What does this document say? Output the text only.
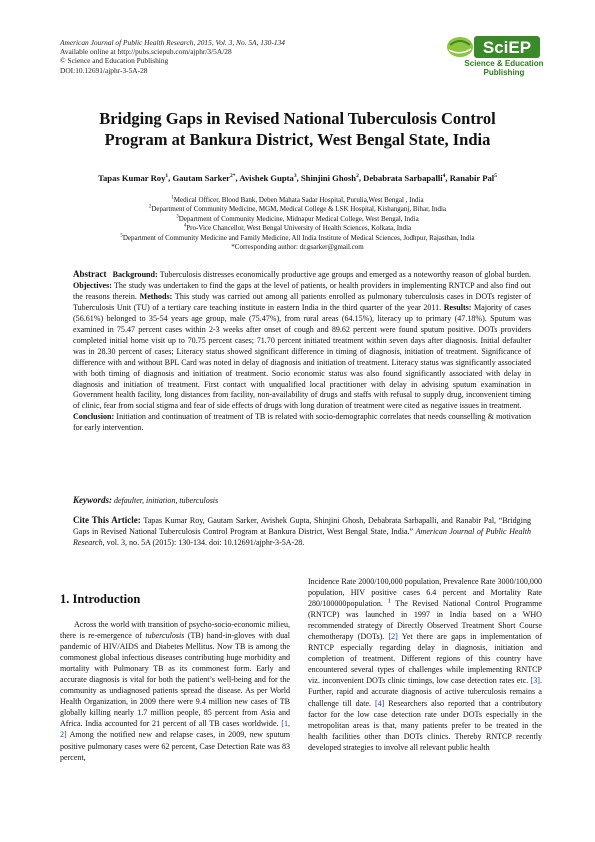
American Journal of Public Health Research, 2015, Vol. 3, No. 5A, 130-134
Available online at http://pubs.sciepub.com/ajphr/3/5A/28
© Science and Education Publishing
DOI:10.12691/ajphr-3-5A-28
SciEP
Science & Education
Publishing
Bridging Gaps in Revised National Tuberculosis Control
Program at Bankura District, West Bengal State, India
Tapas Kumar Roy$^1$, Gautam Sarker$^{2*}$, Avishek Gupta$^3$, Shinjini Ghosh$^2$, Debabrata Sarbapalli$^4$, Ranabir Pal$^5$
$^1$Medical Officer, Blood Bank, Deben Mahata Sadar Hospital, Purulia,West Bengal , India
$^2$Department of Community Medicine, MGM, Medical College & LSK Hospital, Kishanganj, Bihar, India
$^3$Department of Community Medicine, Midnapur Medical College, West Bengal, India
$^4$Pro-Vice Chancellor, West Bengal University of Health Sciences, Kolkata, India
$^5$Department of Community Medicine and Family Medicine, All India Institute of Medical Sciences, Jodhpur, Rajasthan, India
*Corresponding author: dr.gsarker@gmail.com
Abstract Background: Tuberculosis distresses economically productive age groups and emerged as a noteworthy reason of global burden. Objectives: The study was undertaken to find the gaps at the level of patients, or health providers in implementing RNTCP and also find out the reasons therein. Methods: This study was carried out among all patients enrolled as pulmonary tuberculosis cases in DOTs register of Tuberculosis Unit (TU) of a tertiary care teaching institute in eastern India in the third quarter of the year 2011. Results: Majority of cases (56.61%) belonged to 35-54 years age group, male (75.47%), from rural areas (64.15%), literacy up to primary (47.18%). Sputum was examined in 75.47 percent cases within 2-3 weeks after onset of cough and 89.62 percent were found sputum positive. DOTs providers completed initial home visit up to 70.75 percent cases; 71.70 percent initiated treatment within seven days after diagnosis. Initial defaulter was in 28.30 percent of cases; Literacy status showed significant difference in timing of diagnosis, initiation of treatment. Significance of difference with and without BPL Card was noted in delay of diagnosis and initiation of treatment. Literacy status was significantly associated with both timing of diagnosis and initiation of treatment. Socio economic status was also found significantly associated with delay in diagnosis and initiation of treatment. First contact with unqualified local practitioner with delay in advising sputum examination in Government health facility, long distances from facility, non-availability of drugs and staffs with refusal to supply drug, inconvenient timing of clinic, fear from social stigma and fear of side effects of drugs with long duration of treatment were cited as negative issues in treatment.
Conclusion: Initiation and continuation of treatment of TB is related with socio-demographic correlates that needs counselling & motivation for early intervention.
Keywords: defaulter, initiation, tuberculosis
Cite This Article: Tapas Kumar Roy, Gautam Sarker, Avishek Gupta, Shinjini Ghosh, Debabrata Sarbapalli, and Ranabir Pal, “Bridging Gaps in Revised National Tuberculosis Control Program at Bankura District, West Bengal State, India.” American Journal of Public Health Research, vol. 3, no. 5A (2015): 130-134. doi: 10.12691/ajphr-3-5A-28.
1. Introduction
Across the world with transition of psycho-socio-economic milieu, there is re-emergence of tuberculosis (TB) hand-in-gloves with dual pandemic of HIV/AIDS and Diabetes Mellitus. Now TB is among the commonest global infectious diseases contributing huge morbidity and mortality with Pulmonary TB as its commonest form. Early and accurate diagnosis is vital for both the patient’s well-being and for the community as undiagnosed patients spread the disease. As per World Health Organization, in 2009 there were 9.4 million new cases of TB globally killing nearly 1.7 million people, 85 percent from Asia and Africa. India accounted for 21 percent of all TB cases worldwide. [1, 2] Among the notified new and relapse cases, in 2009, new sputum positive pulmonary cases were 62 percent, Case Detection Rate was 83 percent,
Incidence Rate 2000/100,000 population, Prevalence Rate 3000/100,000 population, HIV positive cases 6.4 percent and Mortality Rate 280/100000population. $^1$ The Revised National Control Programme (RNTCP) was launched in 1997 in India based on a WHO recommended strategy of Directly Observed Treatment Short Course chemotherapy (DOTs). [2] Yet there are gaps in implementation of RNTCP especially regarding delay in diagnosis, initiation and completion of treatment. Different regions of this country have encountered several types of challenges while implementing RNTCP viz. inconvenient DOTs clinic timings, low case detection rates etc. [3]. Further, rapid and accurate diagnosis of active tuberculosis remains a challenge till date. [4] Researchers also reported that a contributory factor for the low case detection rate under DOTs especially in the metropolitan areas is that, many patients prefer to be treated in the health facilities other than DOTs clinics. Thereby RNTCP recently developed strategies to involve all relevant public health
